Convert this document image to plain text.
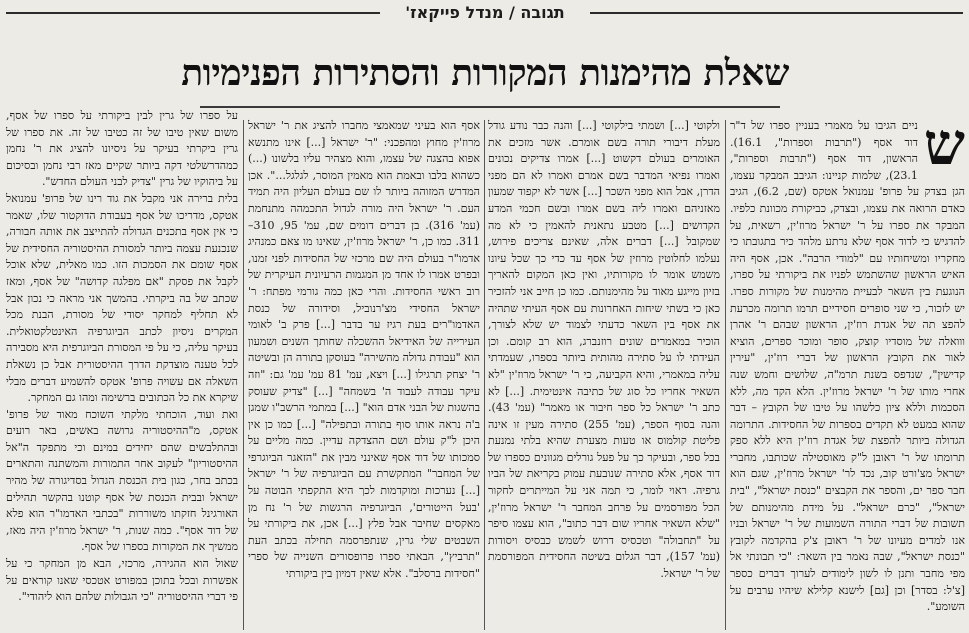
תגובה / מנדל פייקאז'
שאלת מהימנות המקורות והסתירות הפנימיות

ש
ניים הגיבו על מאמרי בעניין ספרו של ד"ר דוד אסף ("תרבות וספרות", 16.1). הראשון, דוד אסף ("תרבות וספרות", 23.1), שלמות קניינו: הגיבב המבקר עצמו, הגן בצדק על פרופ' עמנואל אטקס (שם, 6.2), הגיב כאדם הרואה את עצמו, ובצדק, כביקורת מכוונת כלפיו. המבקר את ספרו על ר' ישראל מרוז'ין, רשאית, על להדגיש כי לדוד אסף שלא נרתע מלהד כיר בתגובתו כי מחקריו ומשיחותיו עם "למודי הרבה". אכן, אסף היה האיש הראשון שהשתמש לפניו את ביקורתי על ספרו, הנוגעת בין השאר לבעיית מהימנות של מקורות ספרו. יש לזכור, כי שני סופרים חסידיים תרמו תרומה מכרעת להפצ תה של אגדת רוז'ין, הראשון שבהם ר' אהרן ווואלה של מוסדיו קוצק, סופר ומוכר ספרים, הוציא לאור את הקובץ הראשון של דברי רוז'ין, "עירין קדישין", שנדפס בשנת תרמ"ה, שלושים וחמש שנה אחרי מותו של ר' ישראל מרוז'ין. הלא הקד מה, ללא הסכמות וללא ציון כלשהו על טיבו של הקובץ – דבר שהוא במעט לא תקדים בספרות של החסידות. התרומה הגדולה ביותר להפצת של אגדת רוז'ין היא ללא ספק תרומתו של ר' ראובן ל"ק מאוסטילה שכותבו, מחברי ישראל מצ'ורט קוב, נכד לר' ישראל מרוז'ין, שגם הוא חבר ספר ים, והספר את הקבצים "כנסת ישראל", "בית ישראל", "כרם ישראל". על מידת מהימנותם של תשובות של דברי התורה השמועות של ר' ישראל ובניו אנו למדים מעיונו של ר' ראובן צ'ק בהקדמה לקובץ "כנסת ישראל", שבה נאמר בין השאר: "כי תבונתי אל מפי מחבר ותנן לו לשון לימודים לערוך דברים כספר [צ'ל: בסדר] וכן [גם] לישנא קלילא שיהיו ערבים על השומע".

ולקוטי [...] ושמתי בילקוטי [...] והנה כבר נודע גודל מעלת דיבורי תורה בשם אומרם. אשר מזכים את האומרים בעולם דקשוט [...] אמרו צדיקים נכונים ואמרו נפיאי המדבר בשם אמרם ואמרו לא הם מפני הדרן, אבל הוא מפני השכר [...] אשר לא יקפוד שמעון מאזניהם ואמרו ליה בשם אמרו ובשם חכמי המדע הקדושים [...] מטבע נתאנית להאמין כי לא מה שמקובל [...] דברים אלה, שאינם צריכים פירוש, נעלמו לחלוטין מרוזין של אסף עד כדי כך שכל עיונו משמש אומר לו מקורותיו, ואין כאן המקום להאריך בזיון מייגע מאוד על מהימנותם. כמו כן חייב אני להזכיר כאן כי בשתי שיחות האחרונות עם אסף העיתי שתהיה את אסף בין השאר כדעתי לצמוד יש שלא לצורך, הוכיר במאמרים שונים רוזנברג, הוא רב קומם. וכן העידתי לו על סתירה מהותית ביותר בספרו, שעמדתי עליה במאמרי, והיא הקביעה, כי ר' ישראל מרוז'ין "לא השאיר אחריו כל סוג של כתיבה אינטימית. [...] לא כתב ר' ישראל כל ספר חיבור או מאמר" (עמ' 43). והנה בסוף הספר, (עמ' 255) סתירה מעין זו אינה פליטת קולמוס או טעות מצערת שהיא בלתי נמנעת בכל ספר, ובעיקר כך על פעל גורלים מגוונים כספרו של דוד אסף, אלא סתירה שנובעת עמוק בקריאת של הביו גרפיה. ראוי לומר, כי תמה אני על המייתרים לחקור הכל מפורסמים על פרחב המחבר ר' ישראל מרוז'ין, "שלא השאיר אחריו שום דבר כתוב", הוא עצמו סיפר על "תחבולה" וטכסיס דרוש לשמש כבסיס ויסודות (עמ' 157), דבר הגלום בשיטה החסידית המפורסמת של ר' ישראל.

אסף הוא בעיני שמאמצי מחברו להציג את ר' ישראל מרוז'ין מחוץ ומהפכני: "ר' ישראל [...] אינו מתנשא אפוא בהצגה של עצמו, והוא מצהיר עליו בלשונו (...) כשהוא בלבו ובאמת הוא מאמין המוסר, לגלגל...". אכן המדרש המזוהה ביותר לו שם בעולם העליון היה תמיד העם. ר' ישראל היה מורה לגדול התכמהה מתנחמת (עמ' 316). בן דברים דומים שם, עמ' 95, 310–311. כמו כן, ר' ישראל מרוז'ין, שאינו מו צאם כמנהיג אדמו"ר בעולם היה שם מרכזי של החסידות לפני זמנו, ובפרט אמרו לו אחד מן המגמות הרעיונית העיקרית של רוב ראשי החסידות. והרי כאן כמה גורמי מפתח: ר' ישראל החסידי מצ'רנוביל, וסידורה של כנסת האדמו"רים בעת רגיז ער בדבר [...] פרק ב' לאומי העירייה של האידיאל ההשכלה שחותך השנים ושמעון הוא "עבודת גדולה מהשירה" בעוסקן בתורה הן ובשיטה ר' יצחק תרגילו [...] ויצא, עמ' 81 עמ' עמ' גם: "וזה עיקר עבודה לעבוד ה' בשמחה" [...] "צדיק שעוסק בהשגות של הבני אדם הוא" [...] במתמי הרשב"ו שמגן ב'ה נראה אותו סוף בתורה ובתפילה" [...] כמו כן אין היכן ל"ק עולם ושם ההצדקה עדיין. כמה מליים על סמכותו של דוד אסף שאינני מבין את "הזאגר הביוגרפי של המחבר" המתקשרת עם הביוגרפיה של ר' ישראל [...] נערכות ומוקדמות לכך היא התקפתי הבוטה על 'בעל הייטורים', הביוגרפיה הרגשות של ר' נח מן מאקסים שחיבר אבל פלץ [...] אכן, את ביקורתי על השבטים שלי גרין, שנתפרסמה תחילה בכתב העת "תרביץ", הבאתי ספרו פרופסורים השנייה של ספרי "חסידות ברסלב". אלא שאין דמיון בין ביקורתי

על ספרו של גרין לבין ביקורתי על ספרו של אסף, משום שאין טיבו של זה כטיבו של זה. את ספרו של גרין ביקרתי בעיקר על ניסיונו להציג את ר' נחמן כמהדרשלטי דקה ביותר שקיים מאז רבי נחמן ובסיכום על ביהוקיו של גרין "צדיק לבני העולם החדש".
בלית ברירה אני מקבל את גוד רינו של פרופ' עמנואל אטקס, מדריכו של אסף בעבודת הדוקטור שלו, שאמר כי אין אסף בתכנים הגדולה להתייצב את אותה חבורה, שנכנעת עצמה ביותר למסורת ההיסטוריה החסידית של אסף שומם את הסמכות הזו. כמו מאלית, שלא אוכל לקבל את פסקת "אם מפלגה קדושה" של אסף, ומאז שכתב של בה ביקרתי. בהמשך אני מראה כי נכון אבל לא תחליף למחקר יסודי של מסורת, הבנת מכל המקרים ניסיון לכתב הביוגרפיה האינטלקטואלית. בעיקר עליה, כי על פי המסורת הביוגרפית היא מסבירה לכל טענה מוצדקת הדרך ההיסטורית אבל כן נשאלת השאלה אם עשויה פרופ' אטקס להשמיע דברים מבלי שיקרא את כל הכתובים ברשימה ומהו גם המחקר.
ואת ועוד, הוכחתי מלקתי השוכח מאוד של פרופ' אטקס, מ"ההיסטוריה גרושה באשים, באר רועים ובהתלבשים שהם יחידים במינם וכי מתפקד ה"אל ההיסטוריון" לעקוב אחר התמורות והמשתנה והתארים בכתב בחר, כגון בית הכנסת הגדול בסדיגורה של מהיר ישראל ובבית הכנסת של אסף קוטנו בהקשר תהילים האורגינל חזקתו משוררות "בכתבי האדמו"ר הוא פלא של דוד אסף". כמה שנות, ר' ישראל מרוז'ין היה מאז, ממשיך את המקורות בספרו של אסף.
שאול הוא ההגירה, מרכזי, הבא מן המחקר כי על אפשרות ובכל בתוכן במפורט אטכסי שאנו קוראים על פי דברי ההיסטוריה "כי הגבולות שלהם הוא ליהודי".
